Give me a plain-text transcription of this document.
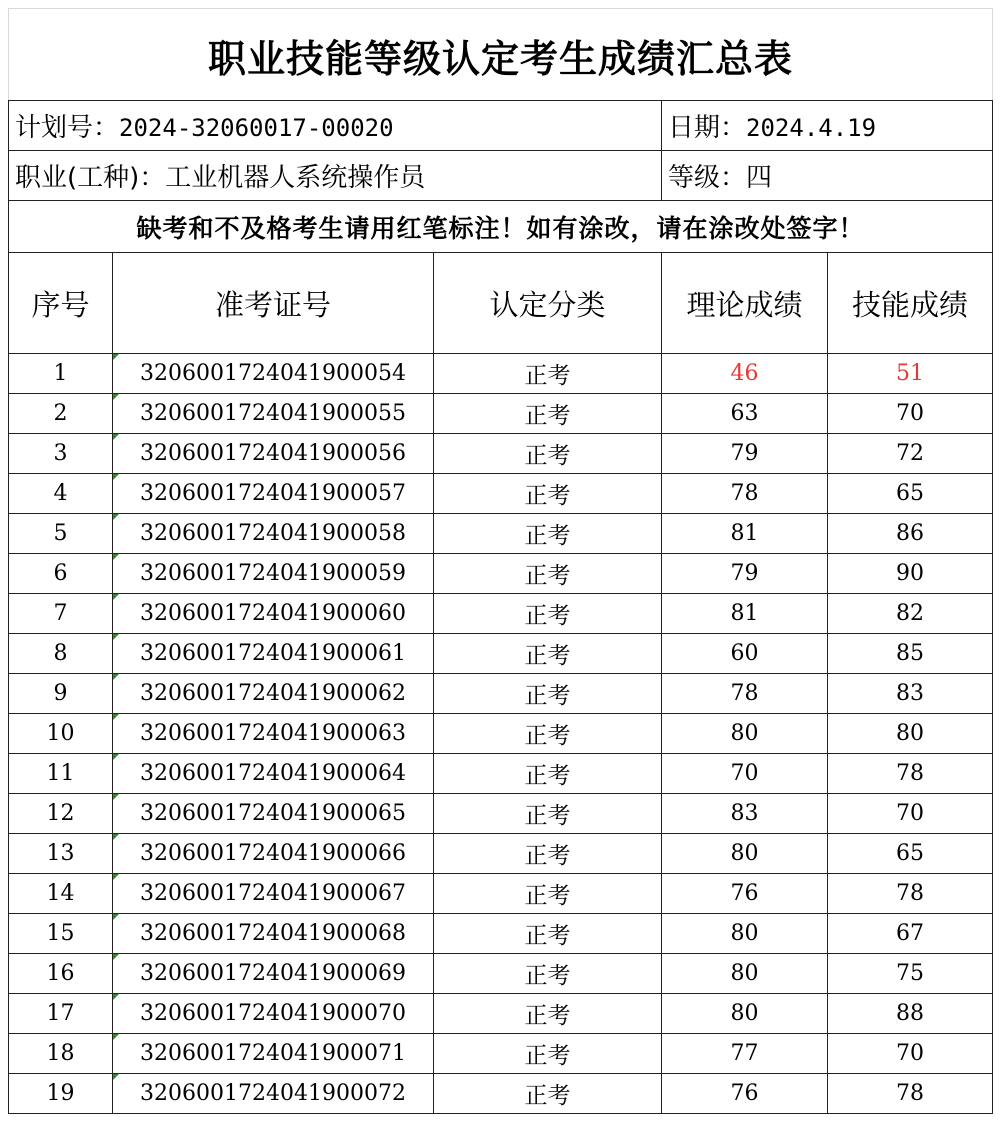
职业技能等级认定考生成绩汇总表
计划号：2024-32060017-00020			日期：2024.4.19	
职业(工种)：工业机器人系统操作员			等级：四	
缺考和不及格考生请用红笔标注！如有涂改，请在涂改处签字！				
序号	准考证号	认定分类	理论成绩	技能成绩
1	3206001724041900054	正考	46	51
2	3206001724041900055	正考	63	70
3	3206001724041900056	正考	79	72
4	3206001724041900057	正考	78	65
5	3206001724041900058	正考	81	86
6	3206001724041900059	正考	79	90
7	3206001724041900060	正考	81	82
8	3206001724041900061	正考	60	85
9	3206001724041900062	正考	78	83
10	3206001724041900063	正考	80	80
11	3206001724041900064	正考	70	78
12	3206001724041900065	正考	83	70
13	3206001724041900066	正考	80	65
14	3206001724041900067	正考	76	78
15	3206001724041900068	正考	80	67
16	3206001724041900069	正考	80	75
17	3206001724041900070	正考	80	88
18	3206001724041900071	正考	77	70
19	3206001724041900072	正考	76	78
